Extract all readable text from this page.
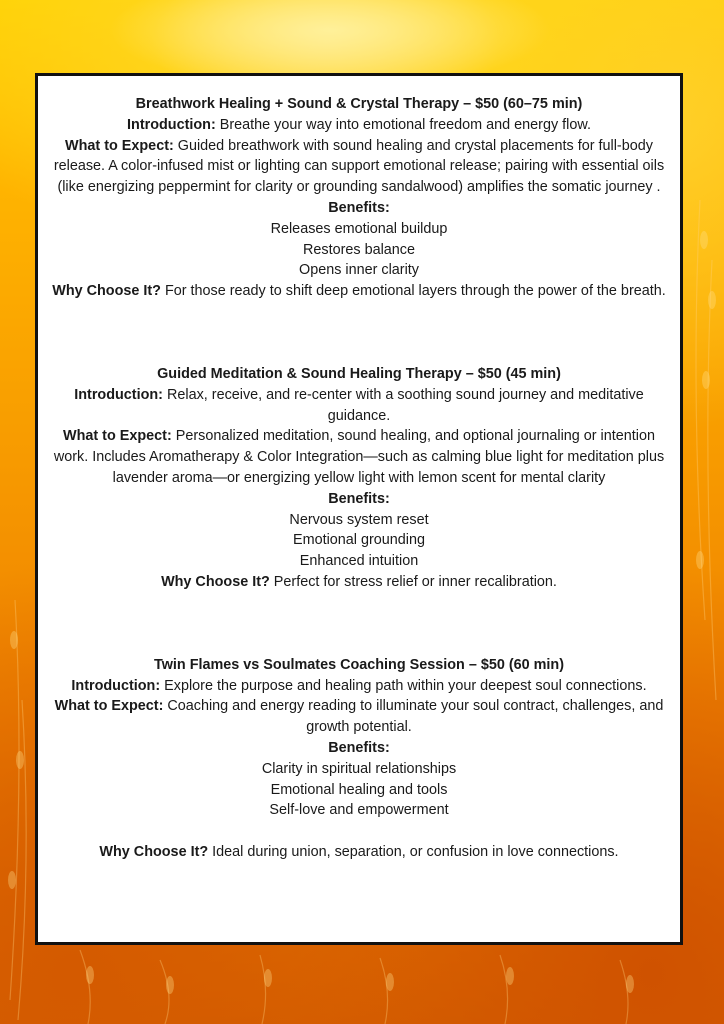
Breathwork Healing + Sound & Crystal Therapy – $50 (60–75 min)

Introduction: Breathe your way into emotional freedom and energy flow.

What to Expect: Guided breathwork with sound healing and crystal placements for full-body release. A color-infused mist or lighting can support emotional release; pairing with essential oils (like energizing peppermint for clarity or grounding sandalwood) amplifies the somatic journey .

Benefits:

Releases emotional buildup

Restores balance

Opens inner clarity

Why Choose It? For those ready to shift deep emotional layers through the power of the breath.

Guided Meditation & Sound Healing Therapy – $50 (45 min)

Introduction: Relax, receive, and re-center with a soothing sound journey and meditative guidance.

What to Expect: Personalized meditation, sound healing, and optional journaling or intention work. Includes Aromatherapy & Color Integration—such as calming blue light for meditation plus lavender aroma—or energizing yellow light with lemon scent for mental clarity

Benefits:

Nervous system reset

Emotional grounding

Enhanced intuition

Why Choose It? Perfect for stress relief or inner recalibration.

Twin Flames vs Soulmates Coaching Session – $50 (60 min)

Introduction: Explore the purpose and healing path within your deepest soul connections.

What to Expect: Coaching and energy reading to illuminate your soul contract, challenges, and growth potential.

Benefits:

Clarity in spiritual relationships

Emotional healing and tools

Self-love and empowerment

Why Choose It? Ideal during union, separation, or confusion in love connections.
